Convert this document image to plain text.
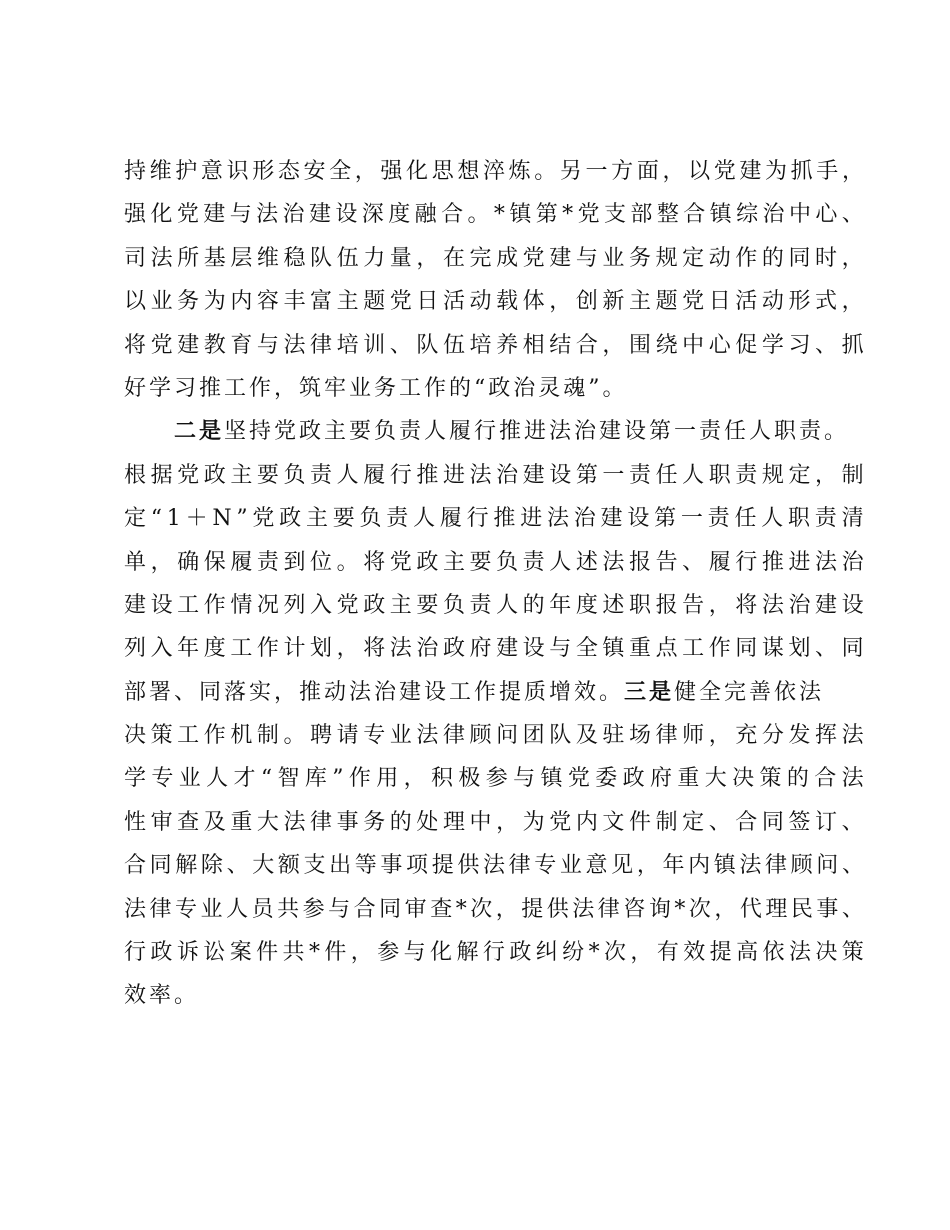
持 维 护 意 识 形 态 安 全 ， 强 化 思 想 淬 炼 。 另 一 方 面 ， 以 党 建 为 抓 手 ，
强 化 党 建 与 法 治 建 设 深 度 融 合 。 * 镇 第 * 党 支 部 整 合 镇 综 治 中 心 、
司 法 所 基 层 维 稳 队 伍 力 量 ， 在 完 成 党 建 与 业 务 规 定 动 作 的 同 时 ，
以 业 务 为 内 容 丰 富 主 题 党 日 活 动 载 体 ， 创 新 主 题 党 日 活 动 形 式 ，
将 党 建 教 育 与 法 律 培 训 、 队 伍 培 养 相 结 合 ， 围 绕 中 心 促 学 习 、 抓
好学习推工作，筑牢业务工作的“政治灵魂”。
二是 坚持党政主要负责人履行推进法治建设第一责任人职责。
根 据 党 政 主 要 负 责 人 履 行 推 进 法 治 建 设 第 一 责 任 人 职 责 规 定 ， 制
定 “ 1 ＋ N ” 党 政 主 要 负 责 人 履 行 推 进 法 治 建 设 第 一 责 任 人 职 责 清
单 ， 确 保 履 责 到 位 。 将 党 政 主 要 负 责 人 述 法 报 告 、 履 行 推 进 法 治
建 设 工 作 情 况 列 入 党 政 主 要 负 责 人 的 年 度 述 职 报 告 ， 将 法 治 建 设
列 入 年 度 工 作 计 划 ， 将 法 治 政 府 建 设 与 全 镇 重 点 工 作 同 谋 划 、 同
部署、同落实，推动法治建设工作提质增效。 三是 健全完善依法
决 策 工 作 机 制 。 聘 请 专 业 法 律 顾 问 团 队 及 驻 场 律 师 ， 充 分 发 挥 法
学 专 业 人 才 “ 智 库 ” 作 用 ， 积 极 参 与 镇 党 委 政 府 重 大 决 策 的 合 法
性 审 查 及 重 大 法 律 事 务 的 处 理 中 ， 为 党 内 文 件 制 定 、 合 同 签 订 、
合 同 解 除 、 大 额 支 出 等 事 项 提 供 法 律 专 业 意 见 ， 年 内 镇 法 律 顾 问 、
法 律 专 业 人 员 共 参 与 合 同 审 查 * 次 ， 提 供 法 律 咨 询 * 次 ， 代 理 民 事 、
行 政 诉 讼 案 件 共 * 件 ， 参 与 化 解 行 政 纠 纷 * 次 ， 有 效 提 高 依 法 决 策
效率。
